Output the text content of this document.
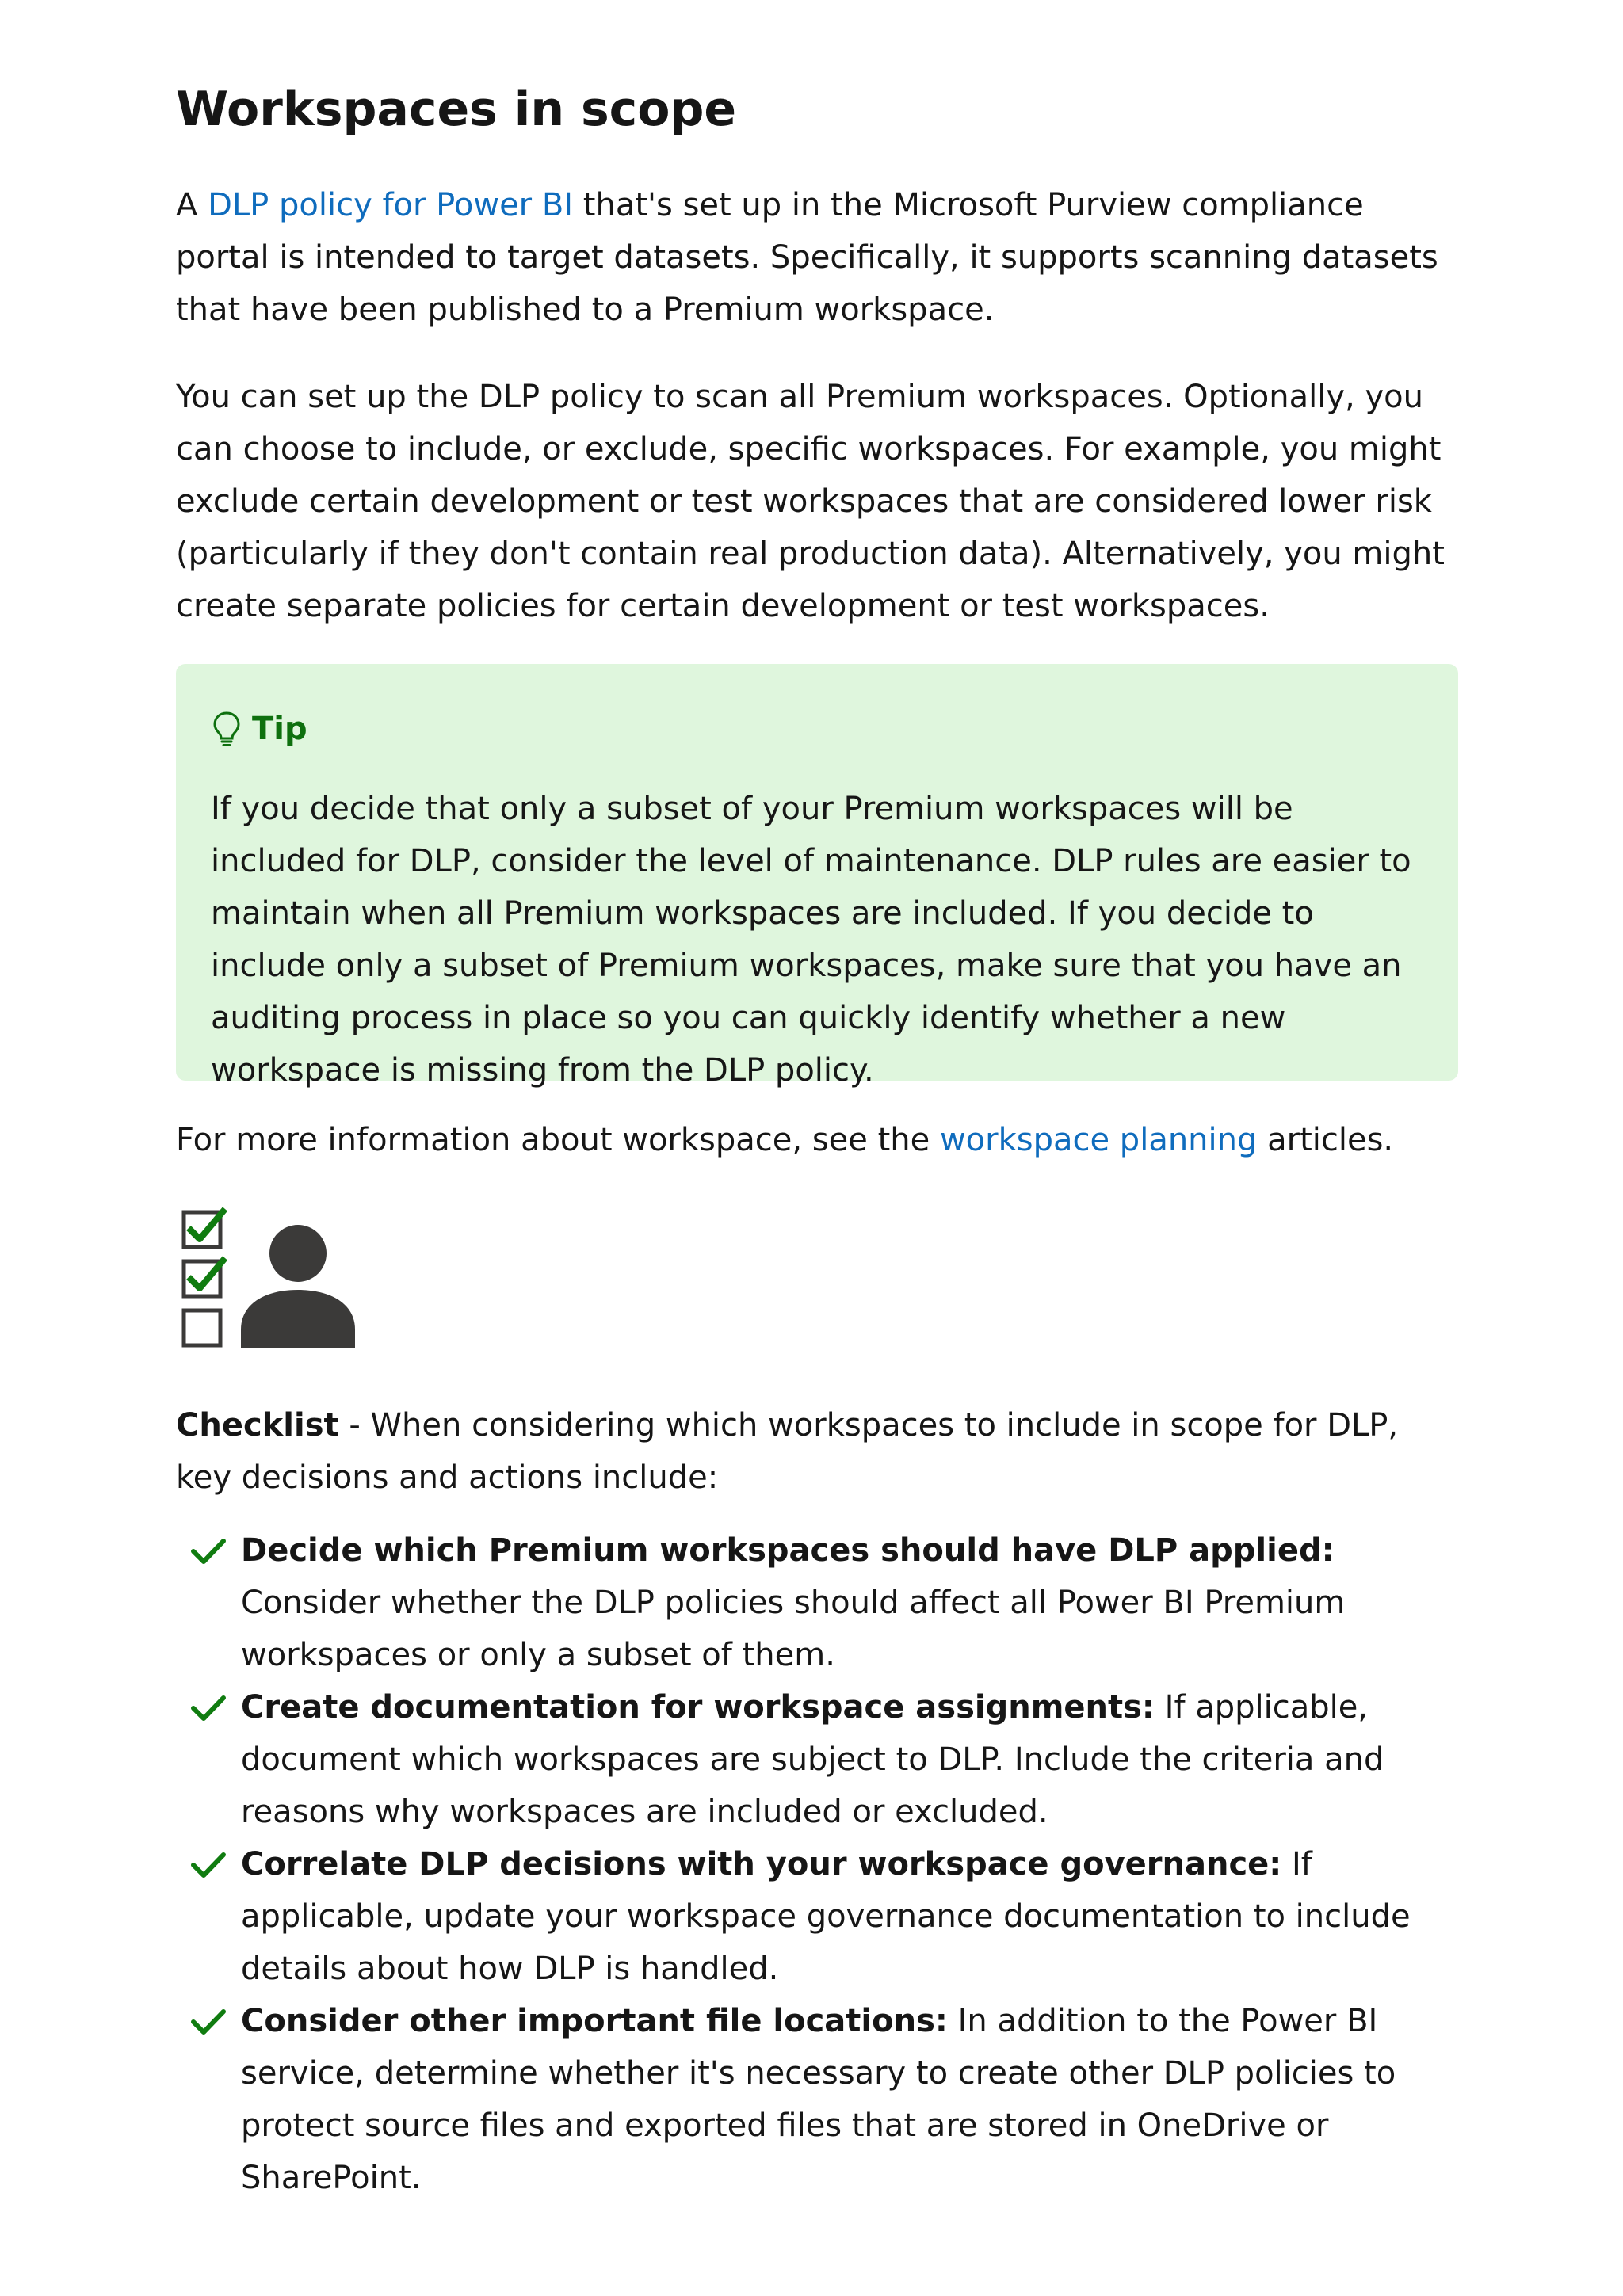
Workspaces in scope

A DLP policy for Power BI that's set up in the Microsoft Purview compliance portal is intended to target datasets. Specifically, it supports scanning datasets that have been published to a Premium workspace.

You can set up the DLP policy to scan all Premium workspaces. Optionally, you can choose to include, or exclude, specific workspaces. For example, you might exclude certain development or test workspaces that are considered lower risk (particularly if they don't contain real production data). Alternatively, you might create separate policies for certain development or test workspaces.

Tip

If you decide that only a subset of your Premium workspaces will be included for DLP, consider the level of maintenance. DLP rules are easier to maintain when all Premium workspaces are included. If you decide to include only a subset of Premium workspaces, make sure that you have an auditing process in place so you can quickly identify whether a new workspace is missing from the DLP policy.

For more information about workspace, see the workspace planning articles.

Checklist - When considering which workspaces to include in scope for DLP, key decisions and actions include:

Decide which Premium workspaces should have DLP applied: Consider whether the DLP policies should affect all Power BI Premium workspaces or only a subset of them.
Create documentation for workspace assignments: If applicable, document which workspaces are subject to DLP. Include the criteria and reasons why workspaces are included or excluded.
Correlate DLP decisions with your workspace governance: If applicable, update your workspace governance documentation to include details about how DLP is handled.
Consider other important file locations: In addition to the Power BI service, determine whether it's necessary to create other DLP policies to protect source files and exported files that are stored in OneDrive or SharePoint.
